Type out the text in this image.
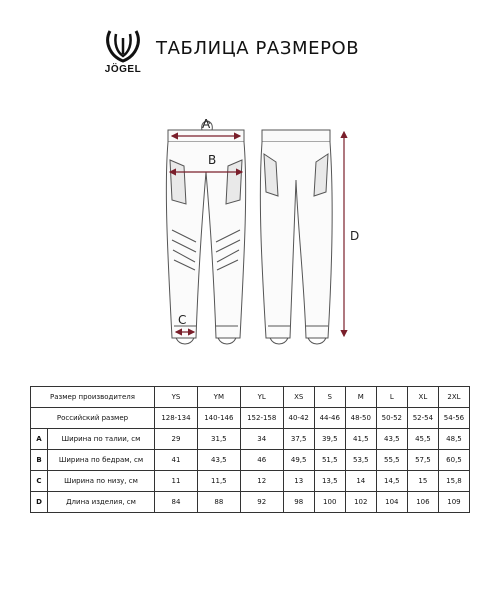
JÖGEL
ТАБЛИЦА РАЗМЕРОВ
A
B
C
D
Размер производителя		YS	YM	YL	XS	S	M	L	XL	2XL
Российский размер		128-134	140-146	152-158	40-42	44-46	48-50	50-52	52-54	54-56
A	Ширина по талии, см	29	31,5	34	37,5	39,5	41,5	43,5	45,5	48,5
B	Ширина по бедрам, см	41	43,5	46	49,5	51,5	53,5	55,5	57,5	60,5
C	Ширина по низу, см	11	11,5	12	13	13,5	14	14,5	15	15,8
D	Длина изделия, см	84	88	92	98	100	102	104	106	109
